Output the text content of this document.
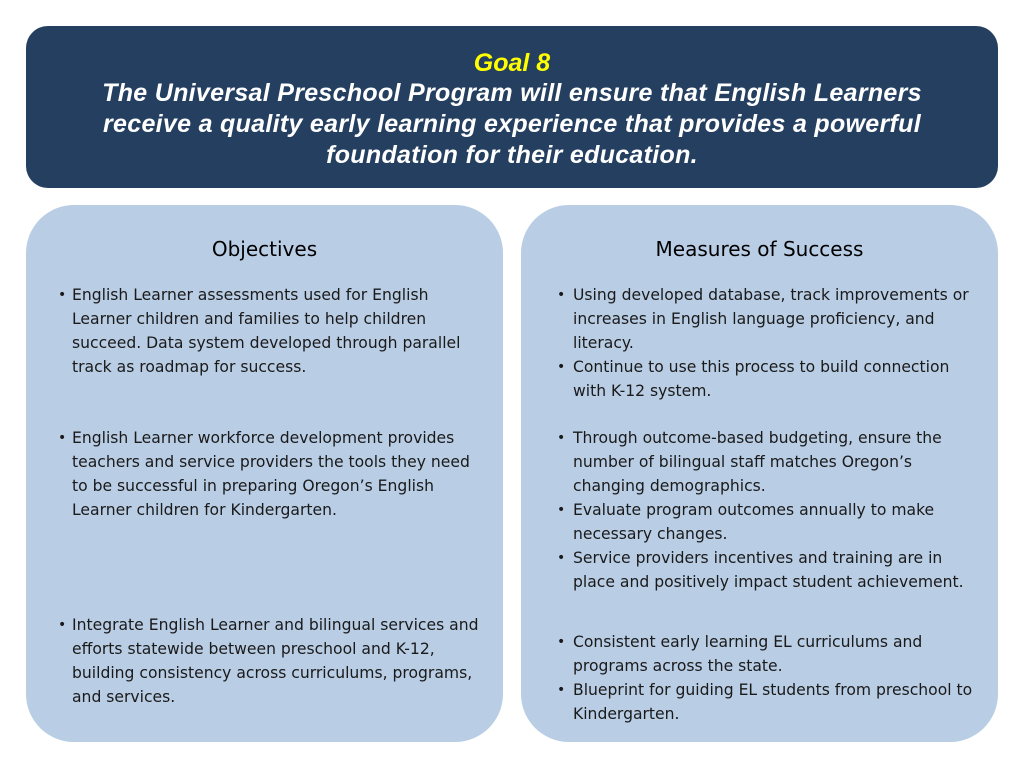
Goal 8
The Universal Preschool Program will ensure that English Learners receive a quality early learning experience that provides a powerful foundation for their education.
Objectives
• English Learner assessments used for English Learner children and families to help children succeed. Data system developed through parallel track as roadmap for success.
• English Learner workforce development provides teachers and service providers the tools they need to be successful in preparing Oregon’s English Learner children for Kindergarten.
• Integrate English Learner and bilingual services and efforts statewide between preschool and K-12, building consistency across curriculums, programs, and services.
Measures of Success
• Using developed database, track improvements or increases in English language proficiency, and literacy.
• Continue to use this process to build connection with K-12 system.
• Through outcome-based budgeting, ensure the number of bilingual staff matches Oregon’s changing demographics.
• Evaluate program outcomes annually to make necessary changes.
• Service providers incentives and training are in place and positively impact student achievement.
• Consistent early learning EL curriculums and programs across the state.
• Blueprint for guiding EL students from preschool to Kindergarten.
